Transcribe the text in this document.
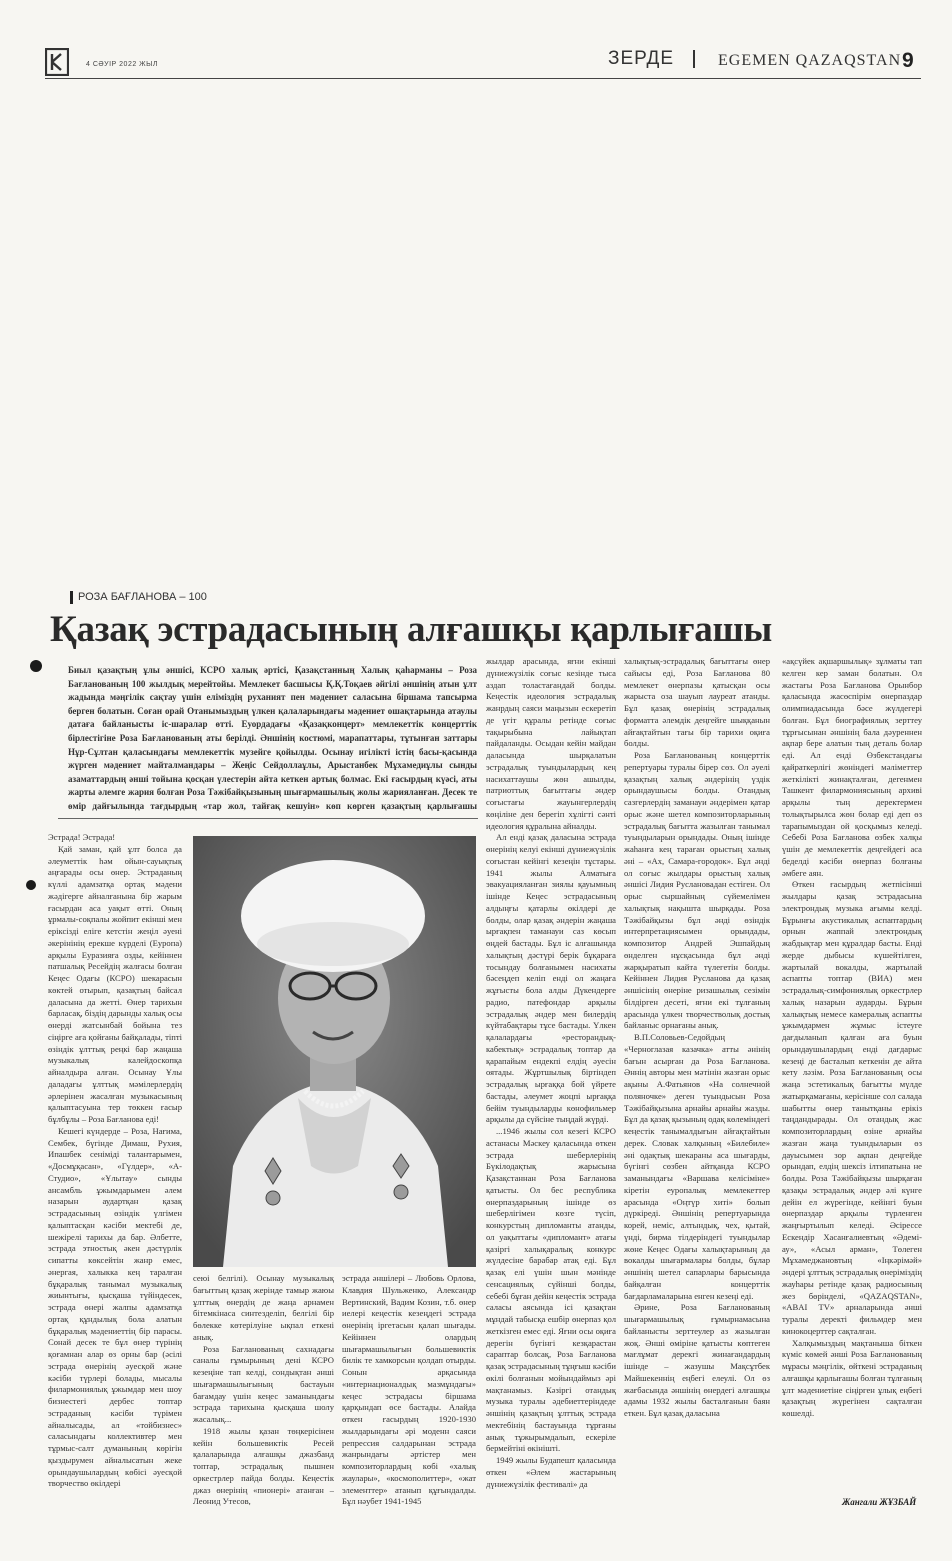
4 СӘУІР 2022 ЖЫЛ	ЗЕРДЕ	EGEMEN QAZAQSTAN 9
РОЗА БАҒЛАНОВА – 100
Қазақ эстрадасының алғашқы қарлығашы
Биыл қазақтың ұлы әншісі, КСРО халық әртісі, Қазақстанның Халық қаһарманы – Роза Бағланованың 100 жылдық мерейтойы. Мемлекет басшысы Қ.Қ.Тоқаев әйгілі әншінің атын ұлт жадында мәңгілік сақтау үшін еліміздің руханият пен мәдениет саласына біршама тапсырма берген болатын. Соған орай Отанымыздың үлкен қалаларындағы мәдениет ошақтарында атаулы датаға байланысты іс-шаралар өтті. Еуордадағы «Қазақконцерт» мемлекеттік концерттік бірлестігіне Роза Бағланованың аты берілді. Әншінің костюмі, марапаттары, тұтынған заттары Нұр-Сұлтан қаласындағы мемлекеттік музейге қойылды. Осынау игілікті істің басы-қасында жүрген мәдениет майталмандары – Жеңіс Сейдоллаұлы, Арыстанбек Мұхамедиұлы сынды азаматтардың әнші тойына қосқан үлестерін айта кеткен артық болмас. Екі ғасырдың күәсі, аты жарты әлемге жария болған Роза Тәжібайқызының шығармашылық жолы жарияланған. Десек те өмір дайғылында тағдырдың «тар жол, тайғақ кешуін» көп көрген қазақтың қарлығашы

Эстрада! Эстрада!

Қай заман, қай ұлт болса да әлеуметтік һәм ойын-сауықтық аңғарады осы өнер. Эстраданың күллі адамзатқа ортақ мәдени жәдігерге айналғанына бір жарым ғасырдан аса уақыт өтті. Оның ұрмалы-соқпалы жойпит екінші мен еріксізді еліге кетстін жеңіл әуені әкерінінің ерекше күрделі (Еуропа) арқылы Еуразияға озды, кейіннен патшалық Ресейдің жалғасы болған Кеңес Одағы (КСРО) шекарасын көктей отырып, қазақтың байсал даласына да жетті. Өнер тарихын барласақ, біздің дарынды халық осы өнерді жатсынбай бойына тез сіңірге аға қойғаны байқалады, тіпті өзіндік ұлттық реңкі бар жаңаша музыкалық калейдоскопқа айналдыра алған. Осынау Ұлы даладағы ұлттық мәмілерлердің әрлерінен жасалған музыкасының қалыптасуына тер төккен ғасыр бұлбұлы – Роза Бағланова еді!

Кешегі күндерде – Роза, Нағима, Сембек, бүгінде Димаш, Рухия, Ипашбек сеніміді талантарымен, «Досмұқасан», «Гүлдер», «А-Студио», «Ұлытау» сынды ансамбль ұжымдарымен әлем назарын аудартқан қазақ эстрадасының өзіндік үлгімен қалыптасқан кәсіби мектебі де, шежірелі тарихы да бар. Әлбетте, эстрада этностық әкен дәстүрлік сипатты көксейтін жанр емес, әнергая, халыкка кең таралған бұқаралық танымал музыкалық жиынтығы, қысқаша түйіндесек, эстрада өнері жалпы адамзатқа ортақ құндылық бола алатын бұқаралық мәдениеттің бір парасы. Сонай десек те бұл өнер түрінің қоғамнан алар өз орны бар (әсілі эстрада өнерінің әуесқой және кәсіби түрлері болады, мысалы филармониялық ұжымдар мен шоу бизнестегі дербес топтар эстраданың кәсіби түрімен айналысады, ал «тойбизнес» саласындағы коллективтер мен тұрмыс-салт думанының көрігін қыздырумен айналысатын жеке орындаушылардың көбісі әуесқой творчество өкілдері

сеюі белгілі). Осынау музыкалық бағыттың қазақ жерінде тамыр жаюы ұлттық өнердің де жаңа арнамен бітемкінаса синтезделіп, белгілі бір бөлекке көтерілуіне ықпал еткені анық.

Роза Бағланованың сахнадағы саналы ғұмырының дені КСРО кезеңіне тап келді, сондықтан әнші шығармашылығының бастауын бағамдау үшін кеңес заманындағы эстрада тарихына қысқаша шолу жасалық...

1918 жылы қазан төңкерісінен кейін большевиктік Ресей қалаларында алғашқы джазбанд топтар, эстрадалық пышнен оркестрлер пайда болды. Кеңестік джаз өнерінің «пионері» атанған – Леонид Утесов,

эстрада әншілері – Любовь Орлова, Клавдия Шульженко, Александр Вертинский, Вадим Козин, т.б. өнер иелері кеңестік кезеңдегі эстрада өнерінің іргетасын қалап шығады. Кейіннен олардың шығармашылығын большевиктік билік те хамкорсын қолдап отырды. Сонын арқасында «интернационалдық мазмұндағы» кеңес эстрадасы біршама қарқындап өсе бастады. Алайда өткен ғасырдың 1920-1930 жылдарындағы әрі моденн саяси репрессия салдарынан эстрада жанрындағы әртістер мен композиторлардың көбі «халық жаулары», «космополиттер», «жат элементтер» атанып құғындалды. Бұл нәубет 1941-1945

жылдар арасында, яғни екінші дүниежүзілік соғыс кезінде тыса аздап толастағандай болды. Кеңестік идеология эстрадалық жанрдың саяси маңызын ескеретіп де үгіт құралы ретінде соғыс тақырыбына лайықтап пайдаланды. Осыдан кейін майдан даласында шырқалатын эстрадалық туындылардың кең насихаттаушы жөн ашылды, патриоттық бағыттағы әндер соғыстағы жауынгерлердің көңіліне ден берегіп хұлігті сәнті идеология құралына айналды.

Ал енді қазақ даласына эстрада өнерінің келуі екінші дүниежүзілік соғыстан кейінгі кезеңін тұстары. 1941 жылы Алматыға эвакуацияланған зиялы қауымның ішінде Кеңес эстрадасының алдыңғы қатарлы өкілдері де болды, олар қазақ әндерін жаңаша ырғақпен таманауи саз көсып өңдей бастады. Бұл іс алғашында халықтың дәстүрі берік бұқараға тосындау болғанымен насихаты бәсеңдеп келіп енді ол жаңаға жұғысты бола алды Дүкендерге радио, патефондар арқылы эстрадалық әндер мен билердің күйтабақтары тұсе бастады. Үлкен қалалардағы «ресторандық-кабектық» эстрадалық топтар да қарапайым ендекпі елдің әуесін оятады. Жұртшылық біртіндеп эстрадалық ырғаққа бой үйрете бастады, әлеумет жоцпі ырғаққа бейім туындыларды көнофильмер арқылы да сүйсіне тыңдай жүрді.

...1946 жылы сол кезегі КСРО астанасы Мәскеу қаласында өткен эстрада шеберлерінің Бүкілодақтық жарысына Қазақстаннан Роза Бағланова қатысты. Ол бес республика өнерпаздарының ішінде өз шеберлігімен көзге түсіп, конкурстың дипломанты атанды, ол уақыттағы «дипломант» атағы қазіргі халықаралық конкурс жүлдесіне барабар атақ еді. Бұл қазақ елі үшін шын мәнінде сенсациялық сүйінші болды, себебі бұған дейін кеңестік эстрада саласы аясында ісі қазақтан мұндай табысқа ешбір өнерпаз қол жеткізген емес еді. Яғни осы оқиға дерегін бүгінгі кезқарастан сараптар болсақ, Роза Бағланова қазақ эстрадасының тұңғыш кәсіби өкілі болғанын мойындаймыз әрі мақтанамыз. Кәзіргі отандық музыка туралы әдебиеттерiндеде әншінің қазақтың ұлттық эстрада мектебінің бастауында тұрғаны анық тұжырымдалып, ескеріле бермейтіні өкінішті.

1949 жылы Будапешт қаласында өткен «Әлем жастарының дүниежүзілік фестивалі» да

халықтық-эстрадалық бағыттағы өнер сайысы еді, Роза Бағланова 80 мемлекет өнерпазы қатысқан осы жарыста оза шауып лауреат атанды. Бұл қазақ өнерінің эстрадалық форматта әлемдік деңгейге шыққанын айғақтайтын тағы бір тарихи оқиға болды.

Роза Бағланованың концерттік репертуары туралы бірер сөз. Ол әуелі қазақтың халық әндерінің үздік орындаушысы болды. Отандық сазгерлердің заманауи әндерімен қатар орыс және шетел композиторларының эстрадалық бағытта жазылған танымал туындыларын орындады. Оның ішінде жаһанға кең тараған орыстың халық әні – «Ах, Самара-городок». Бұл әнді ол соғыс жылдары орыстың халық әншісі Лидия Руслановадан естіген. Ол орыс сыршайның сүйемелімен халықтық нақышта шырқады. Роза Тәжібайқызы бұл әнді өзіндік интерпретациясымен орындады, композитор Андрей Эшпайдың өнделген нұсқасында бұл әнді жарқыратып кайта түлегетін болды. Кейіннен Лидия Русланова да қазақ әншісінің өнеріне ризашылық сезімін білдірген десеті, яғни екі тұлғаның арасында үлкен творчестволық достық байланыс орнағаны анық.

В.П.Соловьев-Седойдың «Черноглазая казачка» атты әнінің бағын асырған да Роза Бағланова. Әннің авторы мен мәтінін жазған орыс ақыны А.Фатьянов «На солнечной поляночке» деген туындысын Роза Тәжібайқызына арнайы арнайы жазды. Бұл да қазақ қызының одақ көлеміндегі кеңестік танымалдығын айғақтайтын дерек. Словак халқының «Билебиле» әні одақтық шекараны аса шығарды, бүгінгі сөзбен айтқанда КСРО заманындағы «Варшава келісімінe» кіретін еуропалық мемлекеттер арасында «Оңтүр хиті» болып дүркіреді. Әншінің репертуарында корей, неміс, алтындық, чех, қытай, үнді, бирма тілдеріндегі туындылар жөне Кеңес Одағы халықтарының да вокалды шығармалары болды, бұлар әншінің шетел сапарлары барысында байқалған концерттік бағдарламаларына енген кезеңі еді.

Әрине, Роза Бағланованың шығармашылық ғұмырнамасына байланысты зерттеулер аз жазылған жоқ. Әнші өмірінe қатысты көптеген мағлұмат дерекгі жинағандардың ішінде – жазушы Мақсұтбек Майшекеннің еңбегі елеулі. Ол өз жағбасында әншінің өнердегі алғашқы адамы 1932 жылы басталғанын баян еткен. Бұл қазақ даласына

«ақсүйек ақшаршылық» зұлматы тап келген кер заман болатын. Ол жастағы Роза Бағланова Орынбор қаласында жасөспірім өнерпаздар олимпиадасында бәсе жүлдегері болған. Бұл биографиялық зерттеу тұрғысынан әншінің бала дәуреннен ақпар бере алатын тың деталь болар еді. Ал енді Өзбекстандағы қайраткерлігі жөніндегі мәліметтер жеткілікті жинақталған, дегенмен Ташкент филармониясының архиві арқылы тың деректермен толықтырылса жөн болар еді деп өз тарапымыздан ой қосқымыз келеді. Себебі Роза Бағланова өзбек халқы үшін де мемлекеттік деңгейдегі аса беделді кәсіби өнерпаз болғаны әмбеге аян.

Өткен ғасырдың жетпісінші жылдары қазақ эстрадасына электрондық музыка ағымы келді. Бұрынғы акустикалық аспаптардың орнын жаппай электрондық жабдықтар мен құралдар басты. Енді жерде дыбысы күшейтілген, жартылай вокалды, жартылай аспапты топтар (ВИА) мен эстрадалық-симфониялық оркестрлер халық назарын аударды. Бұрын халықтық немесе камералық аспапты ұжымдармен жұмыс істеуге дағдыланып қалған аға буын орындаушылардың енді дағдарыс кезеңі де басталып кеткенін де айта кету ләзім. Роза Бағланованың осы жаңа эстетикалық бағытты мүлде жатырқамағаны, керісінше сол салада шабытты өнер танытқаны ерікіз таңдандырады. Ол отандық жас композиторлардың өзіне арнайы жазған жаңа туындыларын өз дауысымен зор ақпан деңгейде орындап, елдің шексіз ілтипатына не болды. Роза Тәжібайқызы шырқаған қазақы эстрадалық әндер әлі күнге дейін ел жүрегінде, кейінгі буын өнерпаздар арқылы түрленген жаңғыртылып келеді. Әсірессе Ескендір Хасанғалиевтың «Әдемі-ау», «Асыл арман», Төлеген Мұхамеджановтың «Іңкәрімәй» әндері ұлттық эстрадалық өнеріміздің жауһары ретінде қазақ радиосының жез бөрінделі, «QAZAQSTAN», «ABAI TV» арналарында әнші туралы деректі фильмдер мен кинокоцерттер сақталған.

Халқымыздың мақтаныша біткен күміс көмей әнші Роза Бағланованың мұрасы мәңгілік, өйткені эстраданың алғашқы қарлығашы болған тұлғаның ұлт мәдениетіне сіңірген ұлық еңбегі қазақтың жүрегінен сақталған көшелді.

Жангали ЖҰЗБАЙ
